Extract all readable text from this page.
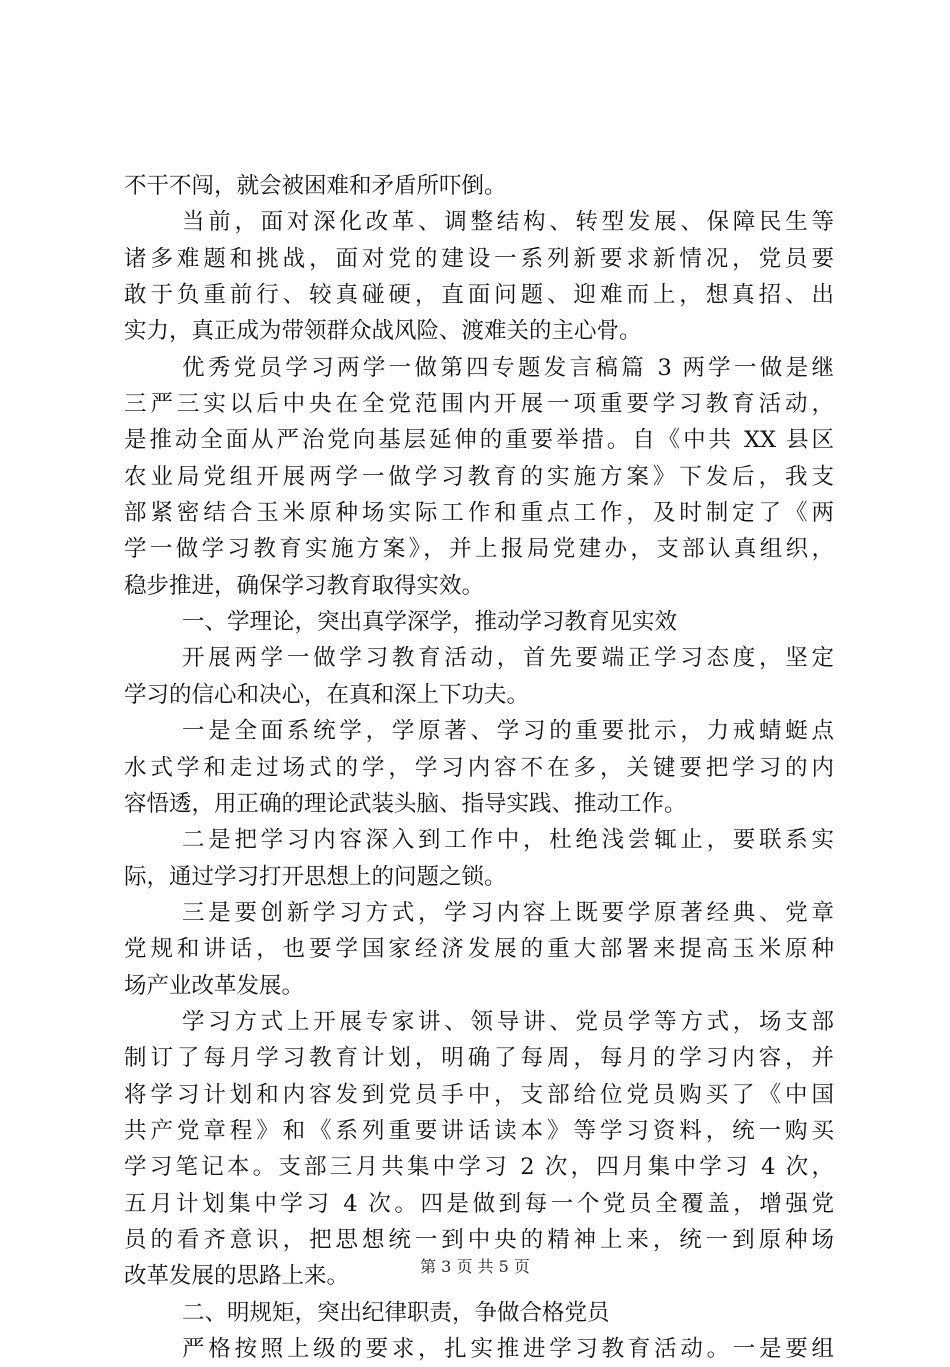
不干不闯，就会被困难和矛盾所吓倒。
当前，面对深化改革、调整结构、转型发展、保障民生等
诸多难题和挑战，面对党的建设一系列新要求新情况，党员要
敢于负重前行、较真碰硬，直面问题、迎难而上，想真招、出
实力，真正成为带领群众战风险、渡难关的主心骨。
优秀党员学习两学一做第四专题发言稿篇 3 两学一做是继
三严三实以后中央在全党范围内开展一项重要学习教育活动，
是推动全面从严治党向基层延伸的重要举措。自《中共 XX 县区
农业局党组开展两学一做学习教育的实施方案》下发后，我支
部紧密结合玉米原种场实际工作和重点工作，及时制定了《两
学一做学习教育实施方案》，并上报局党建办，支部认真组织，
稳步推进，确保学习教育取得实效。
一、学理论，突出真学深学，推动学习教育见实效
开展两学一做学习教育活动，首先要端正学习态度，坚定
学习的信心和决心，在真和深上下功夫。
一是全面系统学，学原著、学习的重要批示，力戒蜻蜓点
水式学和走过场式的学，学习内容不在多，关键要把学习的内
容悟透，用正确的理论武装头脑、指导实践、推动工作。
二是把学习内容深入到工作中，杜绝浅尝辄止，要联系实
际，通过学习打开思想上的问题之锁。
三是要创新学习方式，学习内容上既要学原著经典、党章
党规和讲话，也要学国家经济发展的重大部署来提高玉米原种
场产业改革发展。
学习方式上开展专家讲、领导讲、党员学等方式，场支部
制订了每月学习教育计划，明确了每周，每月的学习内容，并
将学习计划和内容发到党员手中，支部给位党员购买了《中国
共产党章程》和《系列重要讲话读本》等学习资料，统一购买
学习笔记本。支部三月共集中学习 2 次，四月集中学习 4 次，
五月计划集中学习 4 次。四是做到每一个党员全覆盖，增强党
员的看齐意识，把思想统一到中央的精神上来，统一到原种场
改革发展的思路上来。
二、明规矩，突出纪律职责，争做合格党员
严格按照上级的要求，扎实推进学习教育活动。一是要组
第 3 页 共 5 页
